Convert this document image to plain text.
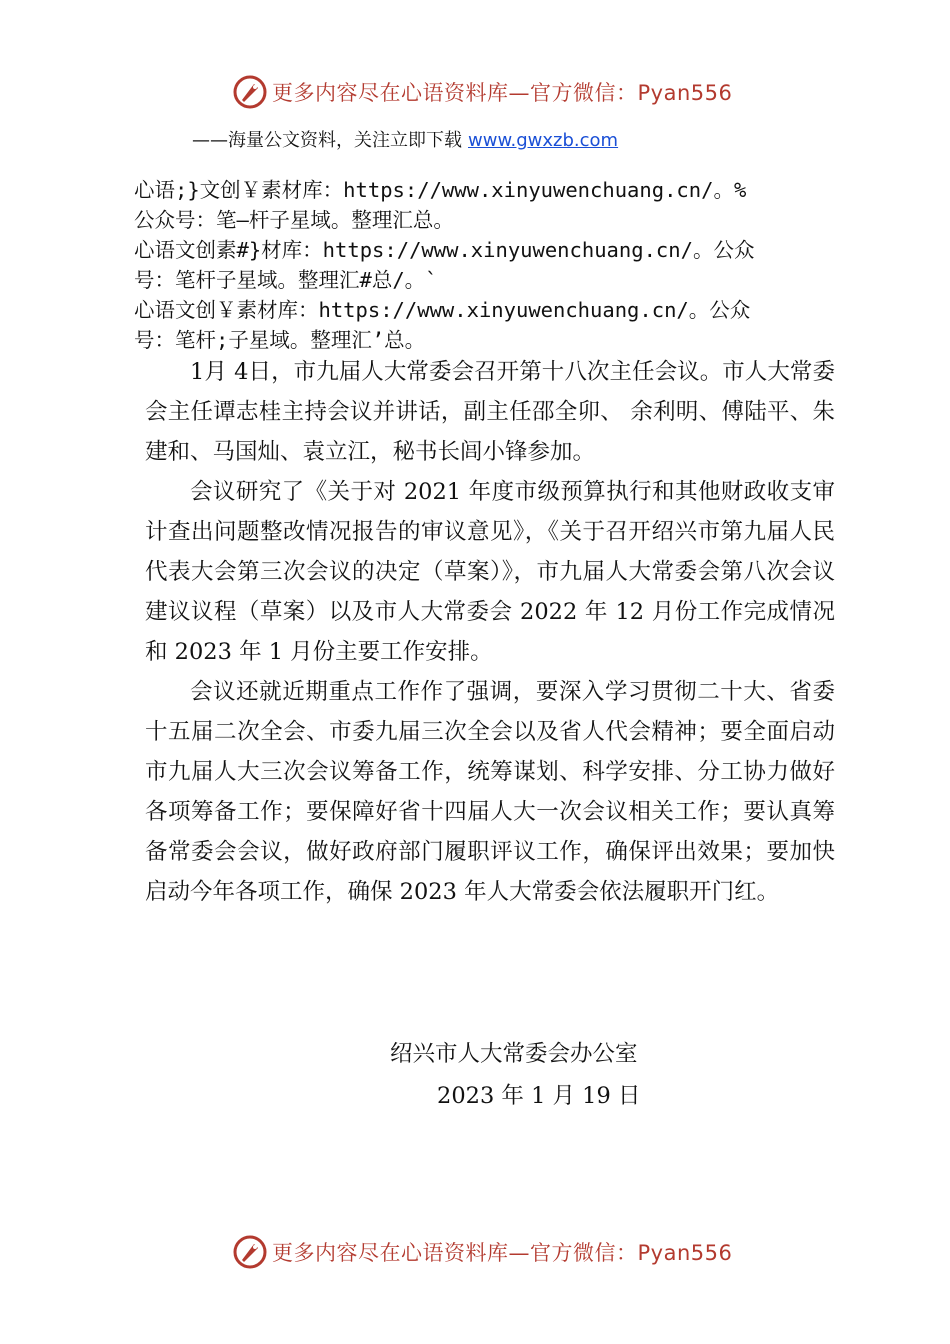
更多内容尽在心语资料库—官方微信：Pyan556
——海量公文资料，关注立即下载 www.gwxzb.com
心语;}文创￥素材库：https://www.xinyuwenchuang.cn/。%
公众号：笔—杆子星域。整理汇总。
心语文创素#}材库：https://www.xinyuwenchuang.cn/。公众
号：笔杆子星域。整理汇#总/。`
心语文创￥素材库：https://www.xinyuwenchuang.cn/。公众
号：笔杆;子星域。整理汇’总。

1月 4日，市九届人大常委会召开第十八次主任会议。市人大常委会主任谭志桂主持会议并讲话，副主任邵全卯、 余利明、傅陆平、朱建和、马国灿、袁立江，秘书长闾小锋参加。

会议研究了《关于对 2021 年度市级预算执行和其他财政收支审计查出问题整改情况报告的审议意见》，《关于召开绍兴市第九届人民代表大会第三次会议的决定（草案）》，市九届人大常委会第八次会议建议议程（草案）以及市人大常委会 2022 年 12 月份工作完成情况和 2023 年 1 月份主要工作安排。

会议还就近期重点工作作了强调，要深入学习贯彻二十大、省委十五届二次全会、市委九届三次全会以及省人代会精神；要全面启动市九届人大三次会议筹备工作，统筹谋划、科学安排、分工协力做好各项筹备工作；要保障好省十四届人大一次会议相关工作；要认真筹备常委会会议，做好政府部门履职评议工作，确保评出效果；要加快启动今年各项工作，确保 2023 年人大常委会依法履职开门红。

绍兴市人大常委会办公室
2023 年 1 月 19 日
更多内容尽在心语资料库—官方微信：Pyan556
